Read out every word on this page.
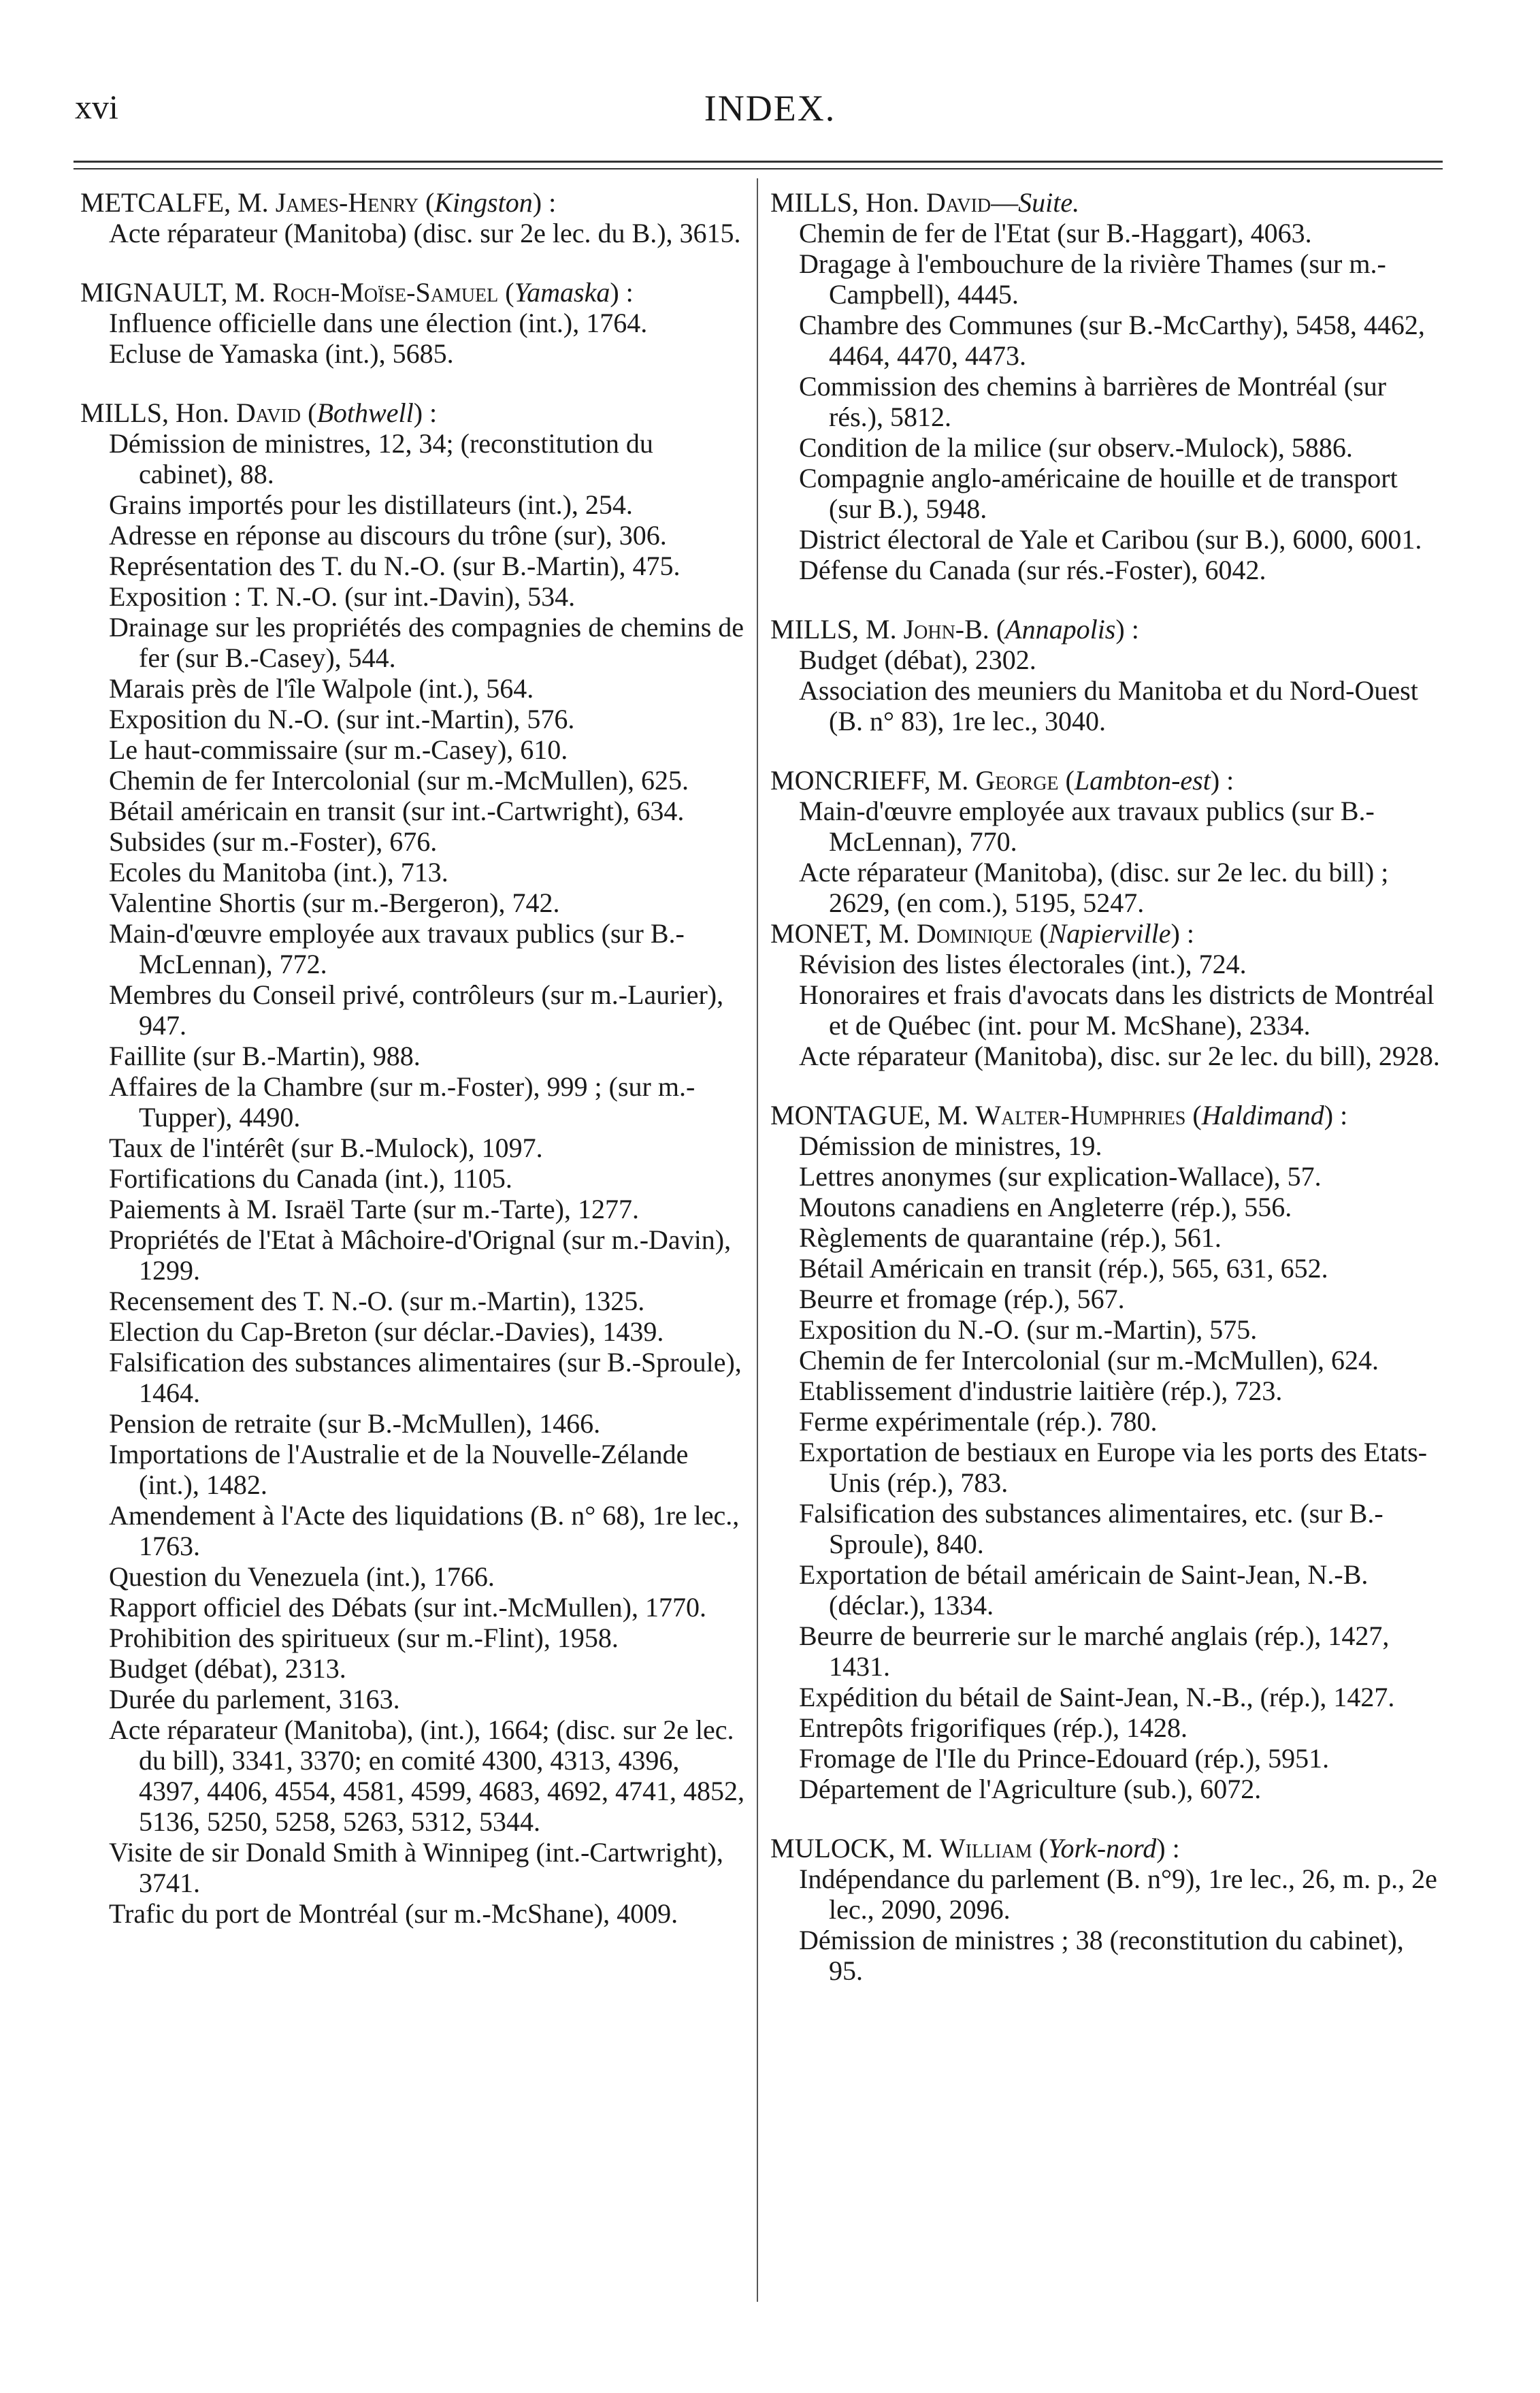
xvi	INDEX.
METCALFE, M. James-Henry (Kingston) :
Acte réparateur (Manitoba) (disc. sur 2e lec. du B.), 3615.
MIGNAULT, M. Roch-Moïse-Samuel (Yamaska) :
Influence officielle dans une élection (int.), 1764.
Ecluse de Yamaska (int.), 5685.
MILLS, Hon. David (Bothwell) :
Démission de ministres, 12, 34; (reconstitution du cabinet), 88.
Grains importés pour les distillateurs (int.), 254.
Adresse en réponse au discours du trône (sur), 306.
Représentation des T. du N.-O. (sur B.-Martin), 475.
Exposition : T. N.-O. (sur int.-Davin), 534.
Drainage sur les propriétés des compagnies de chemins de fer (sur B.-Casey), 544.
Marais près de l'île Walpole (int.), 564.
Exposition du N.-O. (sur int.-Martin), 576.
Le haut-commissaire (sur m.-Casey), 610.
Chemin de fer Intercolonial (sur m.-McMullen), 625.
Bétail américain en transit (sur int.-Cartwright), 634.
Subsides (sur m.-Foster), 676.
Ecoles du Manitoba (int.), 713.
Valentine Shortis (sur m.-Bergeron), 742.
Main-d'œuvre employée aux travaux publics (sur B.-McLennan), 772.
Membres du Conseil privé, contrôleurs (sur m.-Laurier), 947.
Faillite (sur B.-Martin), 988.
Affaires de la Chambre (sur m.-Foster), 999 ; (sur m.-Tupper), 4490.
Taux de l'intérêt (sur B.-Mulock), 1097.
Fortifications du Canada (int.), 1105.
Paiements à M. Israël Tarte (sur m.-Tarte), 1277.
Propriétés de l'Etat à Mâchoire-d'Orignal (sur m.-Davin), 1299.
Recensement des T. N.-O. (sur m.-Martin), 1325.
Election du Cap-Breton (sur déclar.-Davies), 1439.
Falsification des substances alimentaires (sur B.-Sproule), 1464.
Pension de retraite (sur B.-McMullen), 1466.
Importations de l'Australie et de la Nouvelle-Zélande (int.), 1482.
Amendement à l'Acte des liquidations (B. n° 68), 1re lec., 1763.
Question du Venezuela (int.), 1766.
Rapport officiel des Débats (sur int.-McMullen), 1770.
Prohibition des spiritueux (sur m.-Flint), 1958.
Budget (débat), 2313.
Durée du parlement, 3163.
Acte réparateur (Manitoba), (int.), 1664; (disc. sur 2e lec. du bill), 3341, 3370; en comité 4300, 4313, 4396, 4397, 4406, 4554, 4581, 4599, 4683, 4692, 4741, 4852, 5136, 5250, 5258, 5263, 5312, 5344.
Visite de sir Donald Smith à Winnipeg (int.-Cartwright), 3741.
Trafic du port de Montréal (sur m.-McShane), 4009.
MILLS, Hon. David—Suite.
Chemin de fer de l'Etat (sur B.-Haggart), 4063.
Dragage à l'embouchure de la rivière Thames (sur m.-Campbell), 4445.
Chambre des Communes (sur B.-McCarthy), 5458, 4462, 4464, 4470, 4473.
Commission des chemins à barrières de Montréal (sur rés.), 5812.
Condition de la milice (sur observ.-Mulock), 5886.
Compagnie anglo-américaine de houille et de transport (sur B.), 5948.
District électoral de Yale et Caribou (sur B.), 6000, 6001.
Défense du Canada (sur rés.-Foster), 6042.
MILLS, M. John-B. (Annapolis) :
Budget (débat), 2302.
Association des meuniers du Manitoba et du Nord-Ouest (B. n° 83), 1re lec., 3040.
MONCRIEFF, M. George (Lambton-est) :
Main-d'œuvre employée aux travaux publics (sur B.-McLennan), 770.
Acte réparateur (Manitoba), (disc. sur 2e lec. du bill) ; 2629, (en com.), 5195, 5247.
MONET, M. Dominique (Napierville) :
Révision des listes électorales (int.), 724.
Honoraires et frais d'avocats dans les districts de Montréal et de Québec (int. pour M. McShane), 2334.
Acte réparateur (Manitoba), disc. sur 2e lec. du bill), 2928.
MONTAGUE, M. Walter-Humphries (Haldimand) :
Démission de ministres, 19.
Lettres anonymes (sur explication-Wallace), 57.
Moutons canadiens en Angleterre (rép.), 556.
Règlements de quarantaine (rép.), 561.
Bétail Américain en transit (rép.), 565, 631, 652.
Beurre et fromage (rép.), 567.
Exposition du N.-O. (sur m.-Martin), 575.
Chemin de fer Intercolonial (sur m.-McMullen), 624.
Etablissement d'industrie laitière (rép.), 723.
Ferme expérimentale (rép.). 780.
Exportation de bestiaux en Europe via les ports des Etats-Unis (rép.), 783.
Falsification des substances alimentaires, etc. (sur B.-Sproule), 840.
Exportation de bétail américain de Saint-Jean, N.-B. (déclar.), 1334.
Beurre de beurrerie sur le marché anglais (rép.), 1427, 1431.
Expédition du bétail de Saint-Jean, N.-B., (rép.), 1427.
Entrepôts frigorifiques (rép.), 1428.
Fromage de l'Ile du Prince-Edouard (rép.), 5951.
Département de l'Agriculture (sub.), 6072.
MULOCK, M. William (York-nord) :
Indépendance du parlement (B. n°9), 1re lec., 26, m. p., 2e lec., 2090, 2096.
Démission de ministres ; 38 (reconstitution du cabinet), 95.
